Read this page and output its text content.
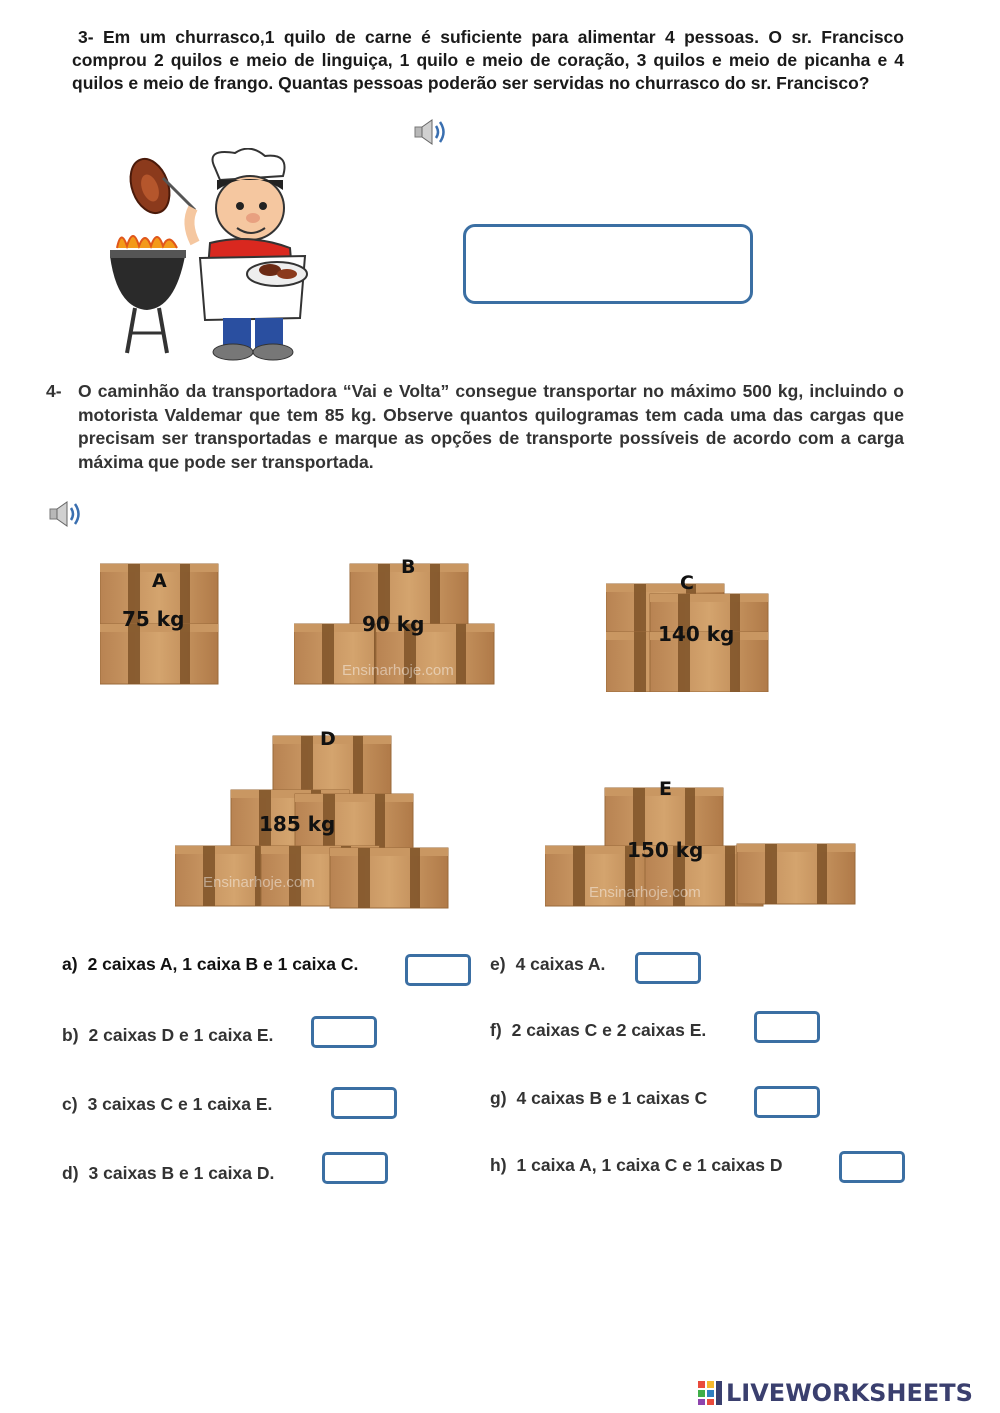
3- Em um churrasco,1 quilo de carne é suficiente para alimentar 4 pessoas. O sr. Francisco comprou 2 quilos e meio de linguiça, 1 quilo e meio de coração, 3 quilos e meio de picanha e 4 quilos e meio de frango. Quantas pessoas poderão ser servidas no churrasco do sr. Francisco?
4- O caminhão da transportadora “Vai e Volta” consegue transportar no máximo 500 kg, incluindo o motorista Valdemar que tem 85 kg. Observe quantos quilogramas tem cada uma das cargas que precisam ser transportadas e marque as opções de transporte possíveis de acordo com a carga máxima que pode ser transportada.
A
75 kg
B
90 kg
Ensinarhoje.com
C
140 kg
D
185 kg
Ensinarhoje.com
E
150 kg
Ensinarhoje.com
a) 2 caixas A, 1 caixa B e 1 caixa C.
b) 2 caixas D e 1 caixa E.
c) 3 caixas C e 1 caixa E.
d) 3 caixas B e 1 caixa D.
e) 4 caixas A.
f) 2 caixas C e 2 caixas E.
g) 4 caixas B e 1 caixas C
h) 1 caixa A, 1 caixa C e 1 caixas D
LIVEWORKSHEETS
